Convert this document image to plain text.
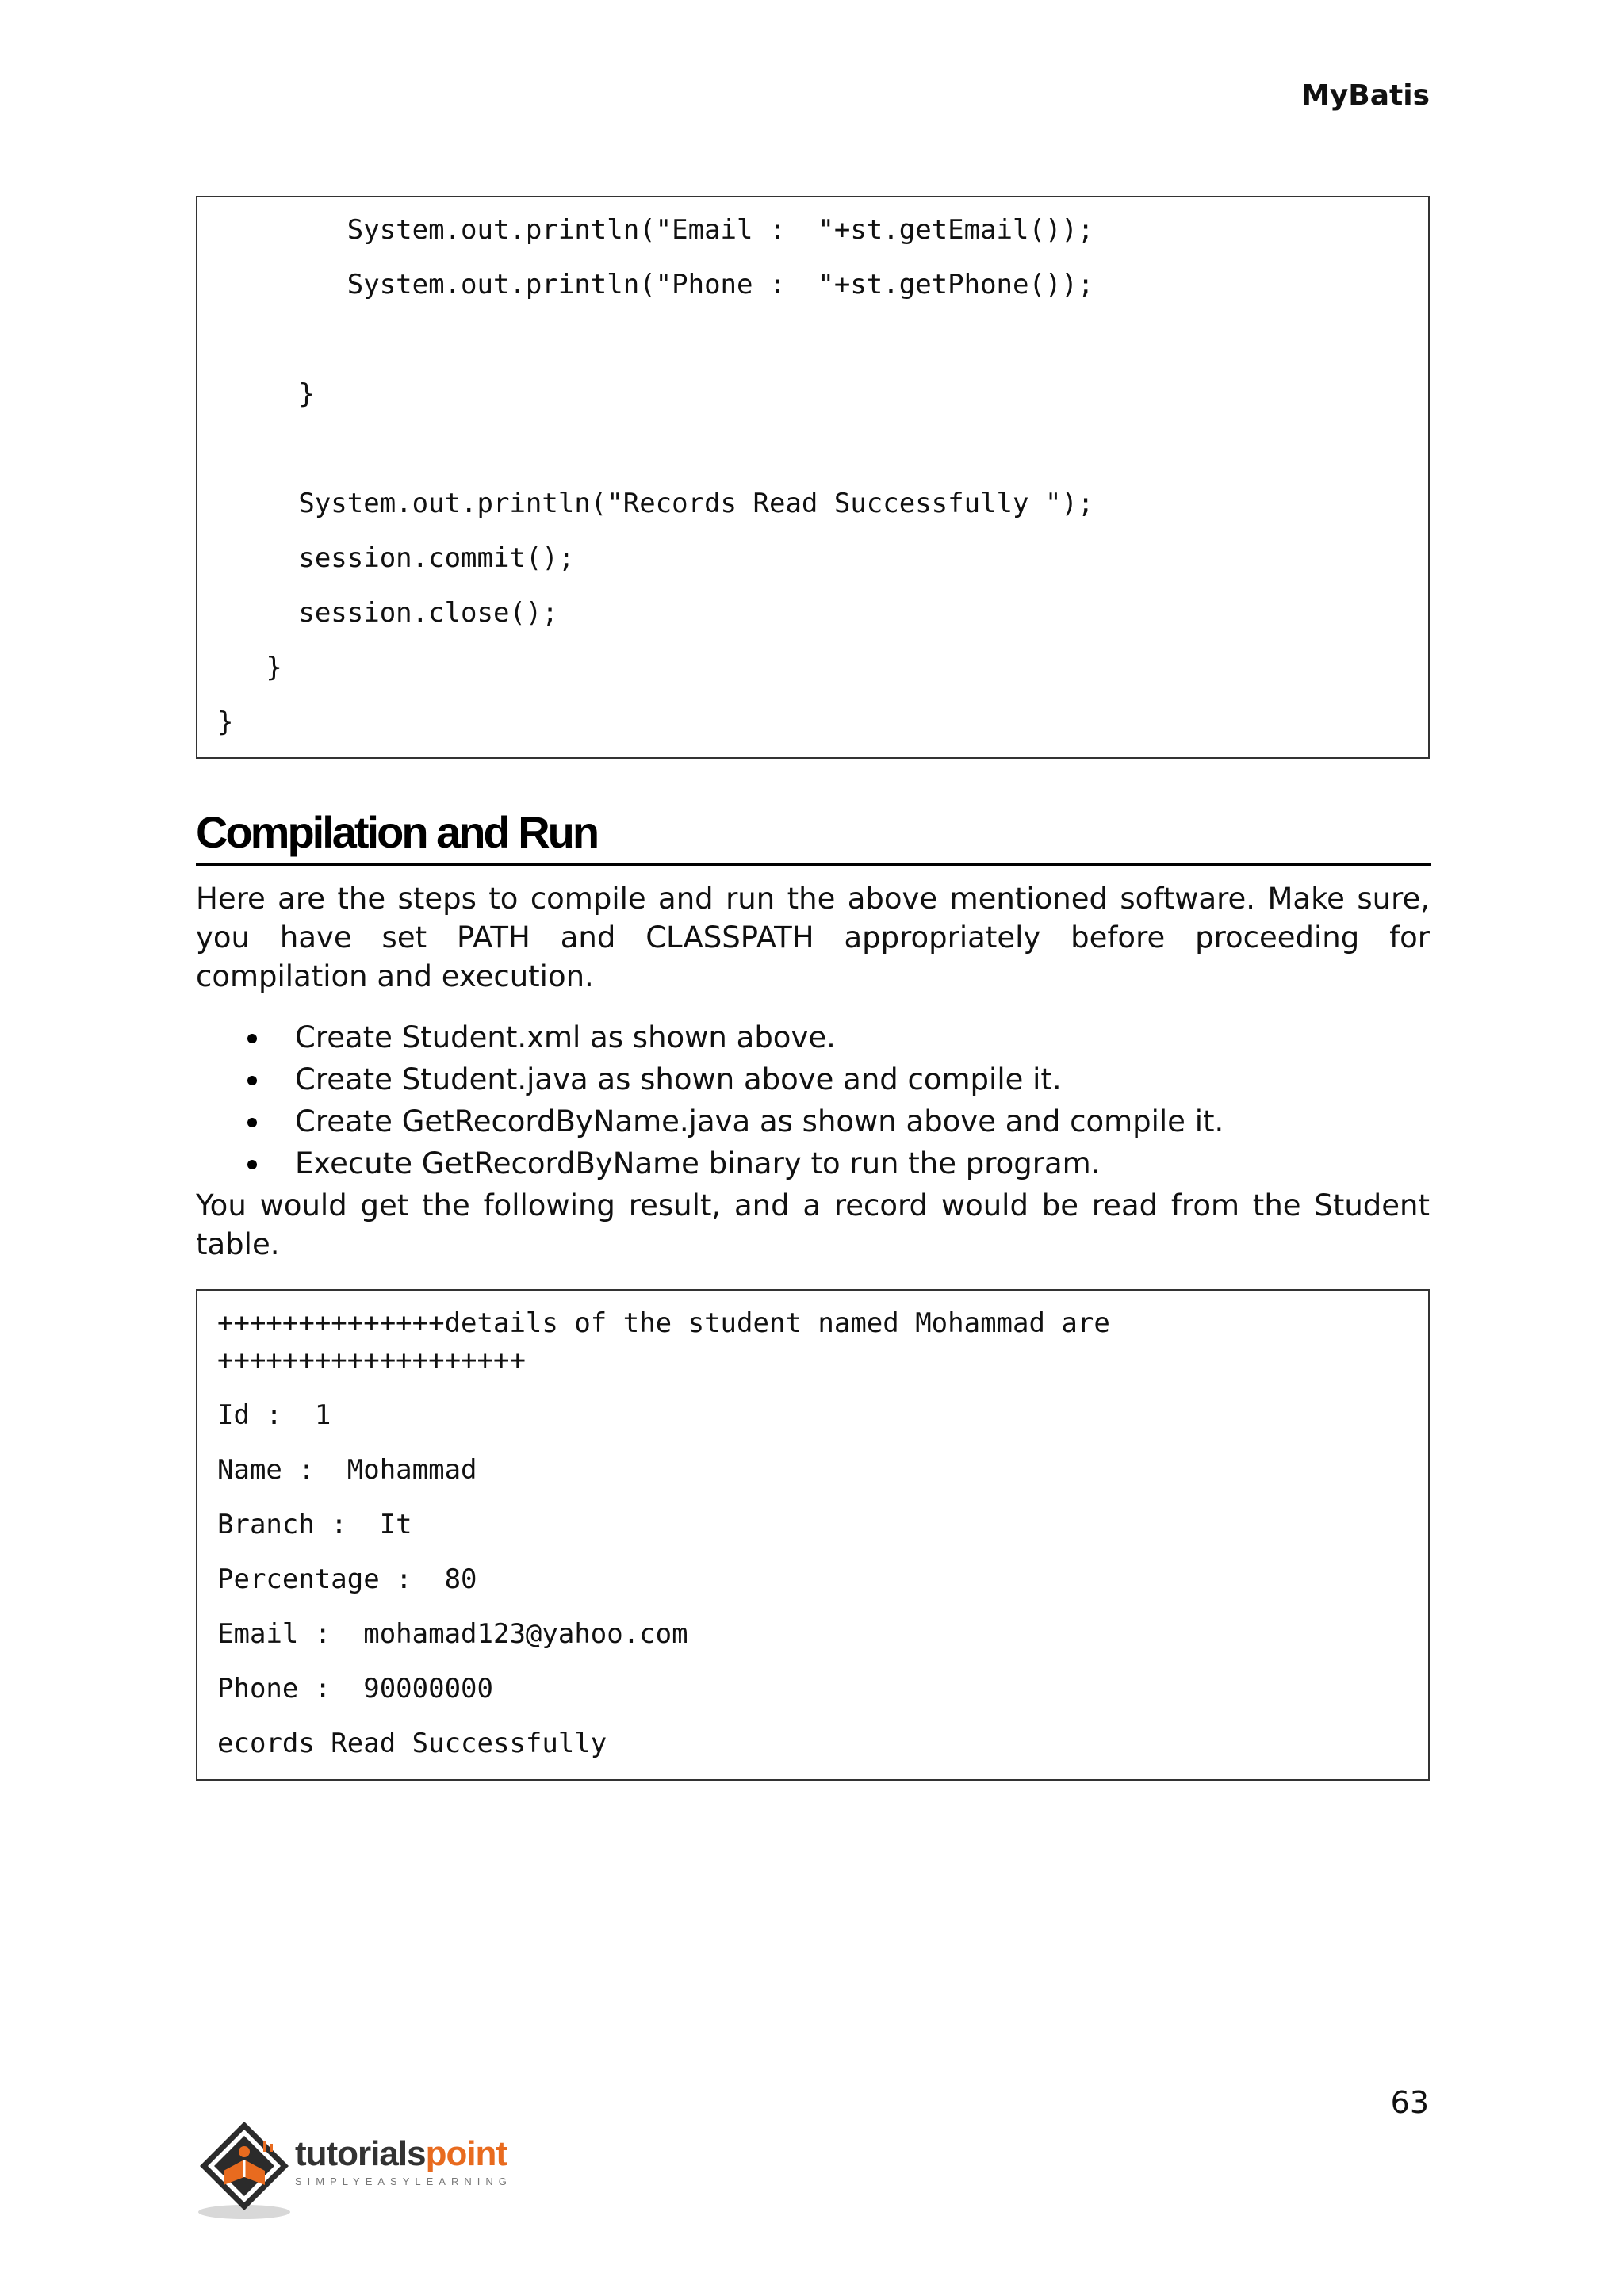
MyBatis

System.out.println("Email :  "+st.getEmail());

System.out.println("Phone :  "+st.getPhone());

}

System.out.println("Records Read Successfully ");

session.commit();

session.close();

}

}

Compilation and Run
Here are the steps to compile and run the above mentioned software. Make sure,
you have set PATH and CLASSPATH appropriately before proceeding for
compilation and execution.
Create Student.xml as shown above.
Create Student.java as shown above and compile it.
Create GetRecordByName.java as shown above and compile it.
Execute GetRecordByName binary to run the program.
You would get the following result, and a record would be read from the Student
table.

++++++++++++++details of the student named Mohammad are

+++++++++++++++++++

Id :  1

Name :  Mohammad

Branch :  It

Percentage :  80

Email :  mohamad123@yahoo.com

Phone :  90000000

ecords Read Successfully

63
tutorialspoint
SIMPLYEASYLEARNING
